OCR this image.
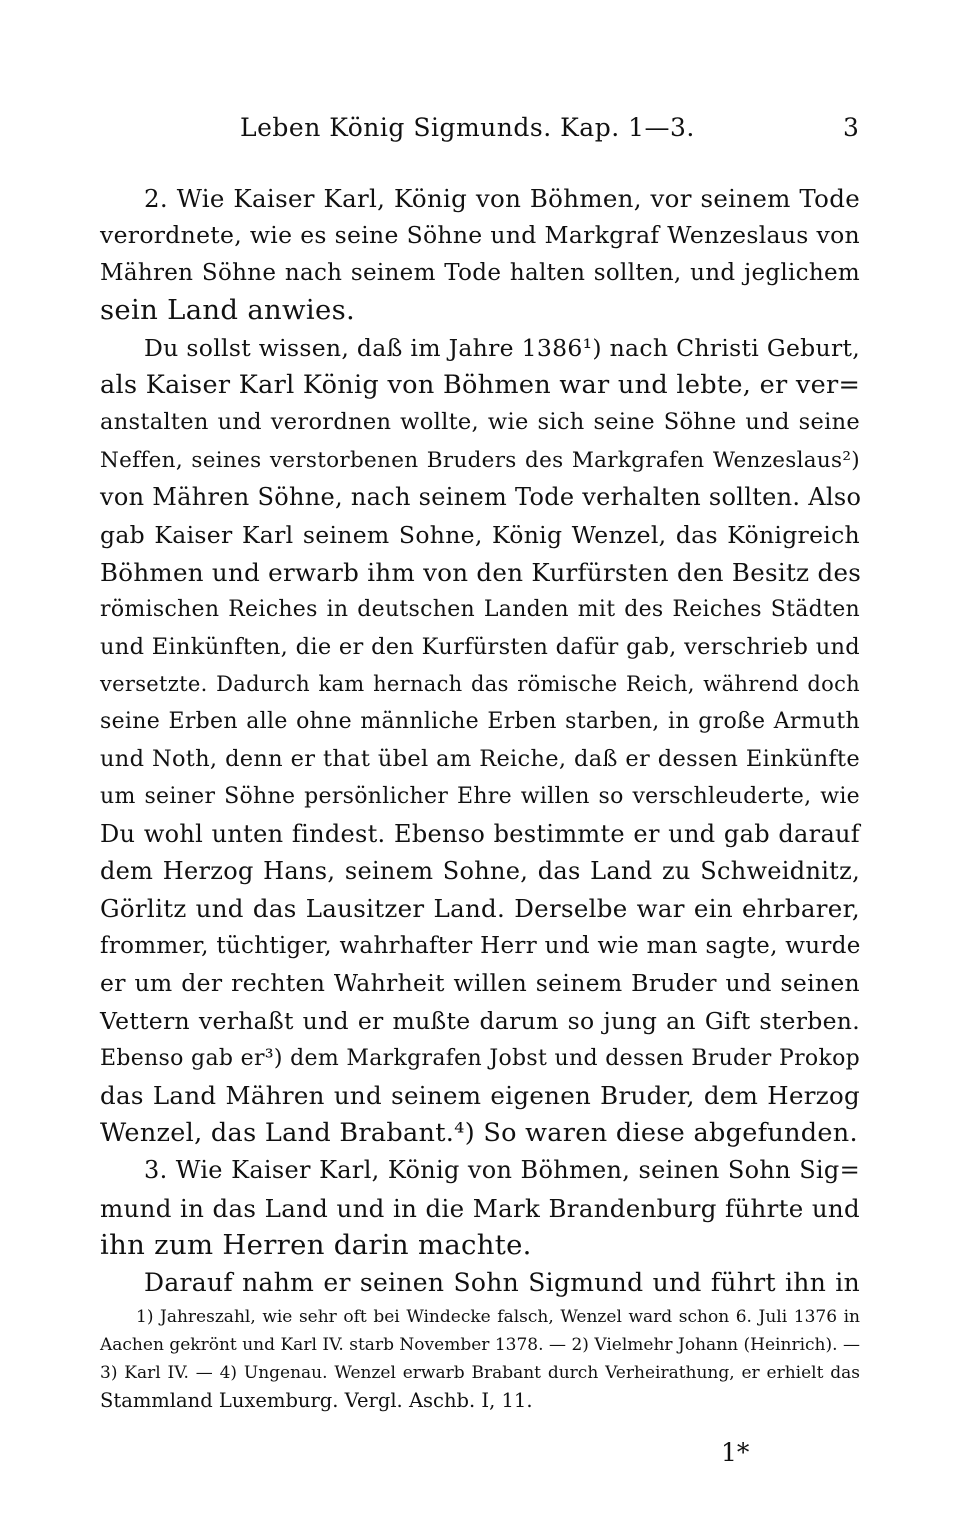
Leben König Sigmunds. Kap. 1—3.	3
2. Wie Kaiser Karl, König von Böhmen, vor seinem Tode
verordnete, wie es seine Söhne und Markgraf Wenzeslaus von
Mähren Söhne nach seinem Tode halten sollten, und jeglichem
sein Land anwies.
Du sollst wissen, daß im Jahre 1386¹) nach Christi Geburt,
als Kaiser Karl König von Böhmen war und lebte, er ver=
anstalten und verordnen wollte, wie sich seine Söhne und seine
Neffen, seines verstorbenen Bruders des Markgrafen Wenzeslaus²)
von Mähren Söhne, nach seinem Tode verhalten sollten. Also
gab Kaiser Karl seinem Sohne, König Wenzel, das Königreich
Böhmen und erwarb ihm von den Kurfürsten den Besitz des
römischen Reiches in deutschen Landen mit des Reiches Städten
und Einkünften, die er den Kurfürsten dafür gab, verschrieb und
versetzte. Dadurch kam hernach das römische Reich, während doch
seine Erben alle ohne männliche Erben starben, in große Armuth
und Noth, denn er that übel am Reiche, daß er dessen Einkünfte
um seiner Söhne persönlicher Ehre willen so verschleuderte, wie
Du wohl unten findest. Ebenso bestimmte er und gab darauf
dem Herzog Hans, seinem Sohne, das Land zu Schweidnitz,
Görlitz und das Lausitzer Land. Derselbe war ein ehrbarer,
frommer, tüchtiger, wahrhafter Herr und wie man sagte, wurde
er um der rechten Wahrheit willen seinem Bruder und seinen
Vettern verhaßt und er mußte darum so jung an Gift sterben.
Ebenso gab er³) dem Markgrafen Jobst und dessen Bruder Prokop
das Land Mähren und seinem eigenen Bruder, dem Herzog
Wenzel, das Land Brabant.⁴) So waren diese abgefunden.
3. Wie Kaiser Karl, König von Böhmen, seinen Sohn Sig=
mund in das Land und in die Mark Brandenburg führte und
ihn zum Herren darin machte.
Darauf nahm er seinen Sohn Sigmund und führt ihn in
1) Jahreszahl, wie sehr oft bei Windecke falsch, Wenzel ward schon 6. Juli 1376 in
Aachen gekrönt und Karl IV. starb November 1378. — 2) Vielmehr Johann (Heinrich). —
3) Karl IV. — 4) Ungenau. Wenzel erwarb Brabant durch Verheirathung, er erhielt das
Stammland Luxemburg. Vergl. Aschb. I, 11.
1*
